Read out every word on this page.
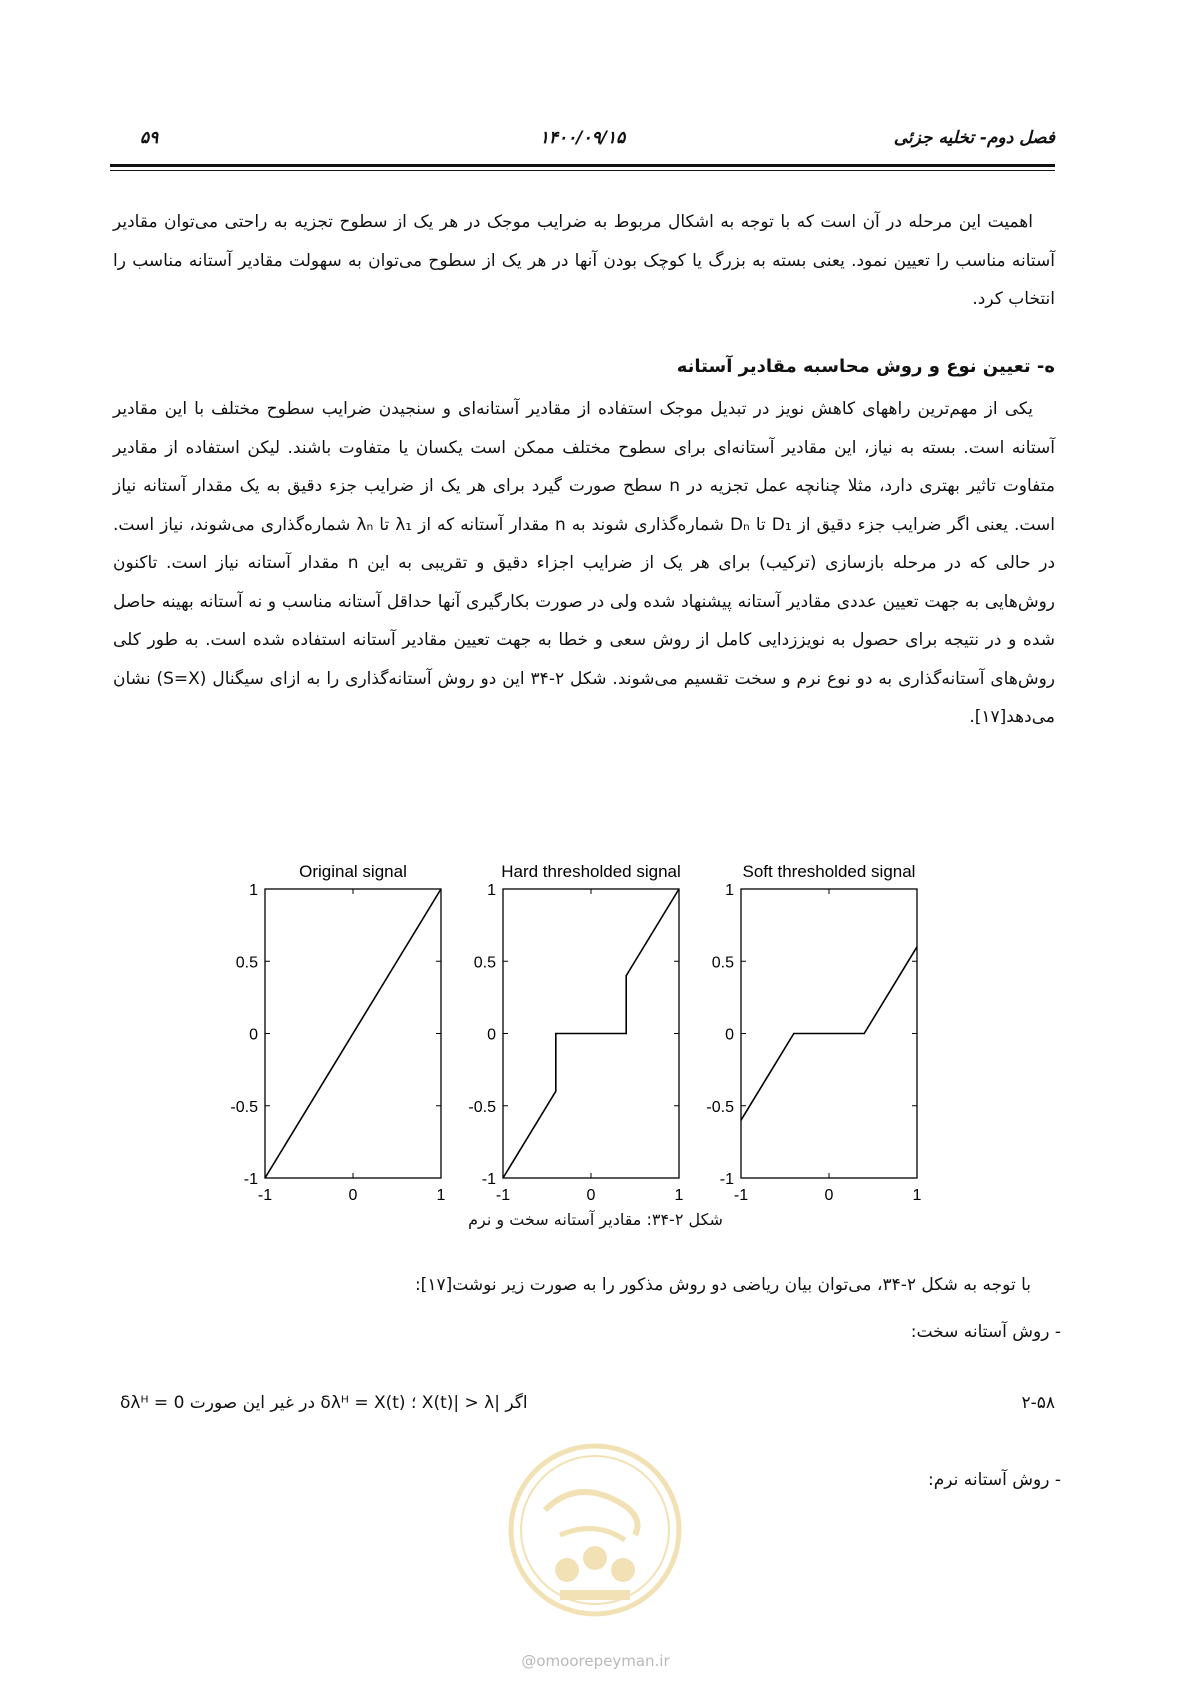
فصل دوم- تخلیه جزئی
۱۴۰۰/۰۹/۱۵
۵۹
اهمیت این مرحله در آن است که با توجه به اشکال مربوط به ضرایب موجک در هر یک از سطوح تجزیه به راحتی می‌توان مقادیر آستانه مناسب را تعیین نمود. یعنی بسته به بزرگ یا کوچک بودن آنها در هر یک از سطوح می‌توان به سهولت مقادیر آستانه مناسب را انتخاب کرد.
ه- تعیین نوع و روش محاسبه مقادیر آستانه
یکی از مهم‌ترین راههای کاهش نویز در تبدیل موجک استفاده از مقادیر آستانه‌ای و سنجیدن ضرایب سطوح مختلف با این مقادیر آستانه است. بسته به نیاز، این مقادیر آستانه‌ای برای سطوح مختلف ممکن است یکسان یا متفاوت باشند. لیکن استفاده از مقادیر متفاوت تاثیر بهتری دارد، مثلا چنانچه عمل تجزیه در n سطح صورت گیرد برای هر یک از ضرایب جزء دقیق به یک مقدار آستانه نیاز است. یعنی اگر ضرایب جزء دقیق از D₁ تا Dₙ شماره‌گذاری شوند به n مقدار آستانه که از λ₁ تا λₙ شماره‌گذاری می‌شوند، نیاز است. در حالی که در مرحله بازسازی (ترکیب) برای هر یک از ضرایب اجزاء دقیق و تقریبی به این n مقدار آستانه نیاز است. تاکنون روش‌هایی به جهت تعیین عددی مقادیر آستانه پیشنهاد شده ولی در صورت بکارگیری آنها حداقل آستانه مناسب و نه آستانه بهینه حاصل شده و در نتیجه برای حصول به نویززدایی کامل از روش سعی و خطا به جهت تعیین مقادیر آستانه استفاده شده است. به طور کلی روش‌های آستانه‌گذاری به دو نوع نرم و سخت تقسیم می‌شوند. شکل ۲-۳۴ این دو روش آستانه‌گذاری را به ازای سیگنال (S=X) نشان می‌دهد[۱۷].
Original signal
1
0.5
0
-0.5
-1
-1	0	1
Hard thresholded signal
1
0.5
0
-0.5
-1
-1	0	1
Soft thresholded signal
1
0.5
0
-0.5
-1
-1	0	1
شکل ۲-۳۴: مقادیر آستانه سخت و نرم
با توجه به شکل ۲-۳۴، می‌توان بیان ریاضی دو روش مذکور را به صورت زیر نوشت[۱۷]:
- روش آستانه سخت:
۲-۵۸
اگر |X(t)| > λ ؛ δλᴴ = X(t) در غیر این صورت δλᴴ = 0
- روش آستانه نرم:
@omoorepeyman.ir
